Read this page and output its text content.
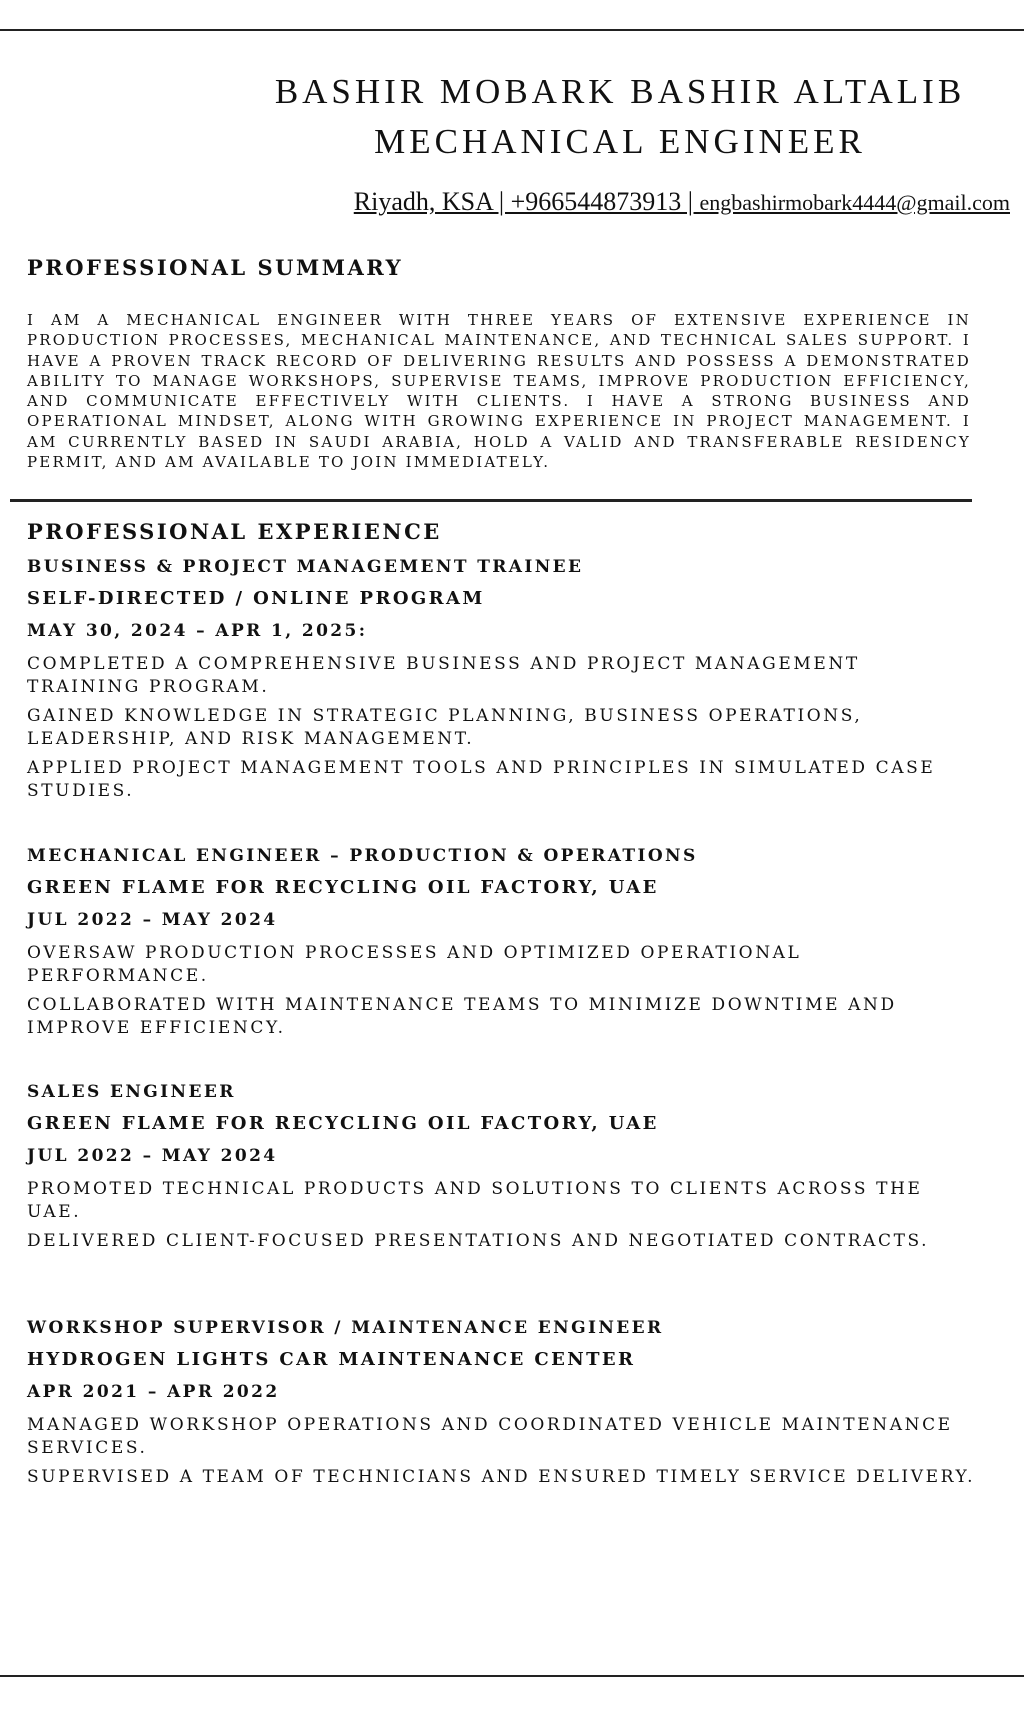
BASHIR MOBARK BASHIR ALTALIB
MECHANICAL ENGINEER
Riyadh, KSA | +966544873913 | engbashirmobark4444@gmail.com
PROFESSIONAL SUMMARY
I AM A MECHANICAL ENGINEER WITH THREE YEARS OF EXTENSIVE EXPERIENCE IN PRODUCTION PROCESSES, MECHANICAL MAINTENANCE, AND TECHNICAL SALES SUPPORT. I HAVE A PROVEN TRACK RECORD OF DELIVERING RESULTS AND POSSESS A DEMONSTRATED ABILITY TO MANAGE WORKSHOPS, SUPERVISE TEAMS, IMPROVE PRODUCTION EFFICIENCY, AND COMMUNICATE EFFECTIVELY WITH CLIENTS. I HAVE A STRONG BUSINESS AND OPERATIONAL MINDSET, ALONG WITH GROWING EXPERIENCE IN PROJECT MANAGEMENT. I AM CURRENTLY BASED IN SAUDI ARABIA, HOLD A VALID AND TRANSFERABLE RESIDENCY PERMIT, AND AM AVAILABLE TO JOIN IMMEDIATELY.
PROFESSIONAL EXPERIENCE
BUSINESS & PROJECT MANAGEMENT TRAINEE
SELF-DIRECTED / ONLINE PROGRAM
MAY 30, 2024 – APR 1, 2025:
COMPLETED A COMPREHENSIVE BUSINESS AND PROJECT MANAGEMENT TRAINING PROGRAM.
GAINED KNOWLEDGE IN STRATEGIC PLANNING, BUSINESS OPERATIONS, LEADERSHIP, AND RISK MANAGEMENT.
APPLIED PROJECT MANAGEMENT TOOLS AND PRINCIPLES IN SIMULATED CASE STUDIES.
MECHANICAL ENGINEER – PRODUCTION & OPERATIONS
GREEN FLAME FOR RECYCLING OIL FACTORY, UAE
JUL 2022 – MAY 2024
OVERSAW PRODUCTION PROCESSES AND OPTIMIZED OPERATIONAL PERFORMANCE.
COLLABORATED WITH MAINTENANCE TEAMS TO MINIMIZE DOWNTIME AND IMPROVE EFFICIENCY.
SALES ENGINEER
GREEN FLAME FOR RECYCLING OIL FACTORY, UAE
JUL 2022 – MAY 2024
PROMOTED TECHNICAL PRODUCTS AND SOLUTIONS TO CLIENTS ACROSS THE UAE.
DELIVERED CLIENT-FOCUSED PRESENTATIONS AND NEGOTIATED CONTRACTS.
WORKSHOP SUPERVISOR / MAINTENANCE ENGINEER
HYDROGEN LIGHTS CAR MAINTENANCE CENTER
APR 2021 – APR 2022
MANAGED WORKSHOP OPERATIONS AND COORDINATED VEHICLE MAINTENANCE SERVICES.
SUPERVISED A TEAM OF TECHNICIANS AND ENSURED TIMELY SERVICE DELIVERY.
